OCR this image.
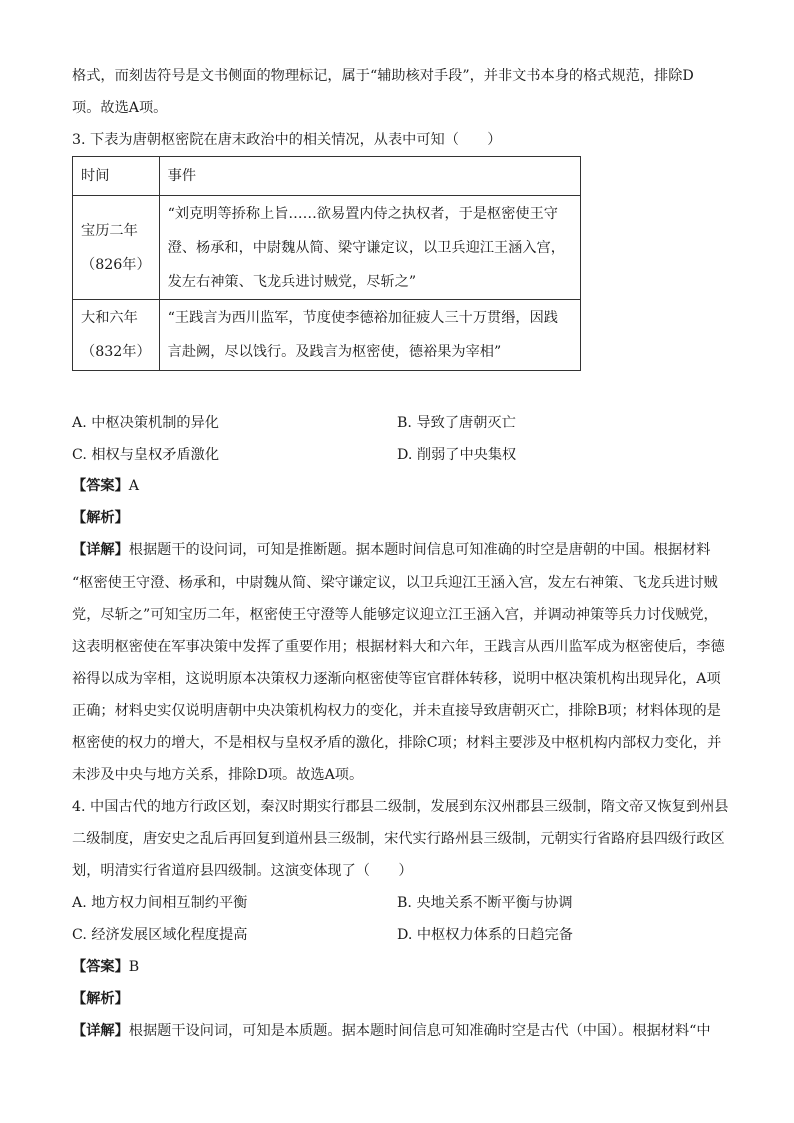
格式，而刻齿符号是文书侧面的物理标记，属于“辅助核对手段”，并非文书本身的格式规范，排除D
项。故选A项。
3. 下表为唐朝枢密院在唐末政治中的相关情况，从表中可知（　　）
时间	事件

宝历二年
（826年）	“刘克明等挢称上旨……欲易置内侍之执权者，于是枢密使王守
澄、杨承和，中尉魏从简、梁守谦定议，以卫兵迎江王涵入宫，
发左右神策、飞龙兵进讨贼党，尽斩之”

大和六年
（832年）	“王践言为西川监军，节度使李德裕加征疲人三十万贯缗，因践
言赴阙，尽以饯行。及践言为枢密使，德裕果为宰相”
A. 中枢决策机制的异化	B. 导致了唐朝灭亡
C. 相权与皇权矛盾激化	D. 削弱了中央集权
【答案】A
【解析】
【详解】根据题干的设问词，可知是推断题。据本题时间信息可知准确的时空是唐朝的中国。根据材料
“枢密使王守澄、杨承和，中尉魏从简、梁守谦定议，以卫兵迎江王涵入宫，发左右神策、飞龙兵进讨贼
党，尽斩之”可知宝历二年，枢密使王守澄等人能够定议迎立江王涵入宫，并调动神策等兵力讨伐贼党，
这表明枢密使在军事决策中发挥了重要作用；根据材料大和六年，王践言从西川监军成为枢密使后，李德
裕得以成为宰相，这说明原本决策权力逐渐向枢密使等宦官群体转移，说明中枢决策机构出现异化，A项
正确；材料史实仅说明唐朝中央决策机构权力的变化，并未直接导致唐朝灭亡，排除B项；材料体现的是
枢密使的权力的增大，不是相权与皇权矛盾的激化，排除C项；材料主要涉及中枢机构内部权力变化，并
未涉及中央与地方关系，排除D项。故选A项。
4. 中国古代的地方行政区划，秦汉时期实行郡县二级制，发展到东汉州郡县三级制，隋文帝又恢复到州县
二级制度，唐安史之乱后再回复到道州县三级制，宋代实行路州县三级制，元朝实行省路府县四级行政区
划，明清实行省道府县四级制。这演变体现了（　　）
A. 地方权力间相互制约平衡	B. 央地关系不断平衡与协调
C. 经济发展区域化程度提高	D. 中枢权力体系的日趋完备
【答案】B
【解析】
【详解】根据题干设问词，可知是本质题。据本题时间信息可知准确时空是古代（中国）。根据材料“中
